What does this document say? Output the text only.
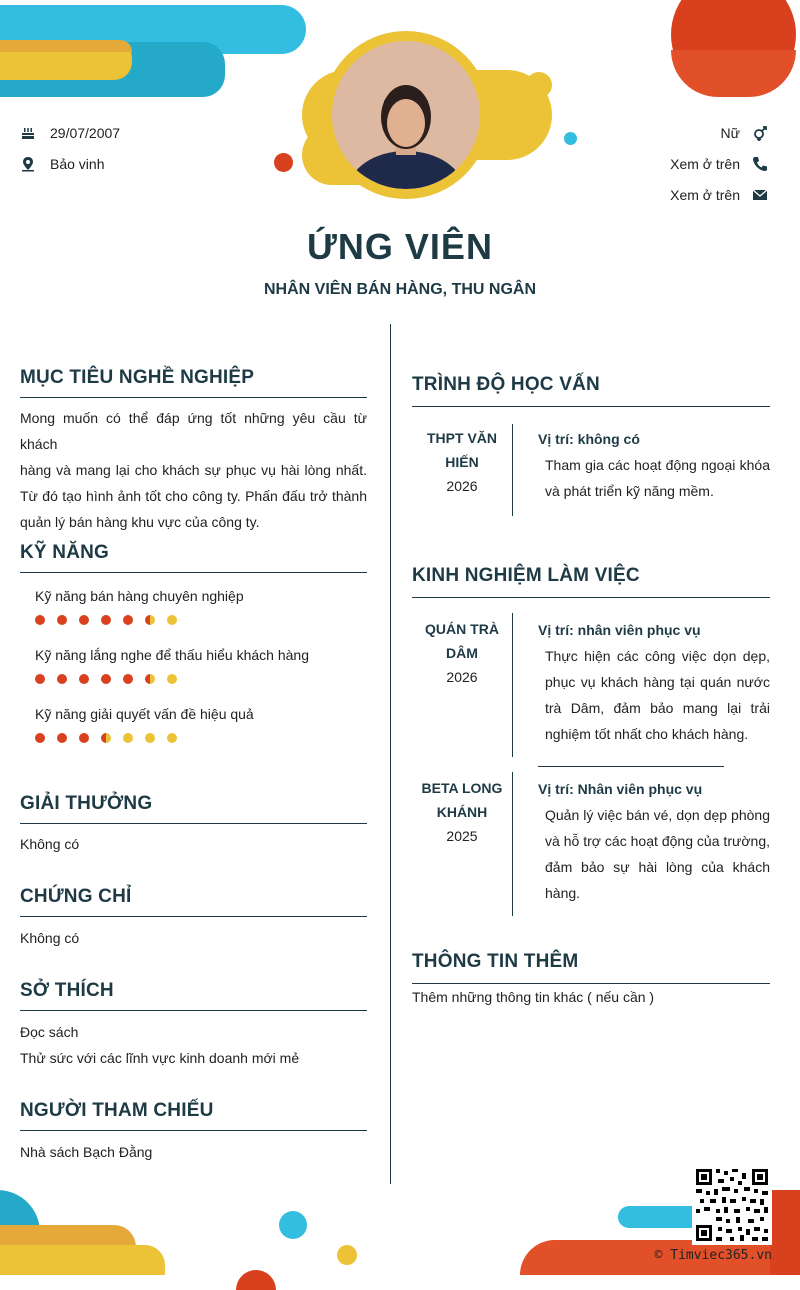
29/07/2007
Bảo vinh
Nữ
Xem ở trên
Xem ở trên
ỨNG VIÊN
NHÂN VIÊN BÁN HÀNG, THU NGÂN
MỤC TIÊU NGHỀ NGHIỆP
Mong muốn có thể đáp ứng tốt những yêu cầu từ khách
hàng và mang lại cho khách sự phục vụ hài lòng nhất.
Từ đó tạo hình ảnh tốt cho công ty. Phấn đấu trở thành
quản lý bán hàng khu vực của công ty.
KỸ NĂNG
Kỹ năng bán hàng chuyên nghiệp
Kỹ năng lắng nghe để thấu hiểu khách hàng
Kỹ năng giải quyết vấn đề hiệu quả
GIẢI THƯỞNG
Không có
CHỨNG CHỈ
Không có
SỞ THÍCH
Đọc sách
Thử sức với các lĩnh vực kinh doanh mới mẻ
NGƯỜI THAM CHIẾU
Nhà sách Bạch Đằng
TRÌNH ĐỘ HỌC VẤN
THPT VĂN
HIẾN
2026
Vị trí: không có
Tham gia các hoạt động ngoại khóa
và phát triển kỹ năng mềm.
KINH NGHIỆM LÀM VIỆC
QUÁN TRÀ
DÂM
2026
Vị trí: nhân viên phục vụ
Thực hiện các công việc dọn dẹp,
phục vụ khách hàng tại quán nước
trà Dâm, đảm bảo mang lại trải
nghiệm tốt nhất cho khách hàng.
BETA LONG
KHÁNH
2025
Vị trí: Nhân viên phục vụ
Quản lý việc bán vé, dọn dẹp phòng
và hỗ trợ các hoạt động của trường,
đảm bảo sự hài lòng của khách
hàng.
THÔNG TIN THÊM
Thêm những thông tin khác ( nếu cần )
© Timviec365.vn
